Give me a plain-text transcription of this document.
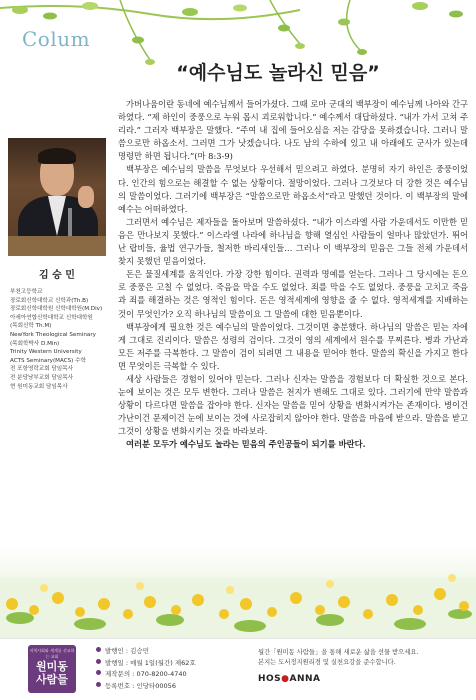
Colum
“예수님도 놀라신 믿음”
김 승 민
부천고등학교
장로회신학대학교 신학과(Th.B)
장로회신학대학원 신학대학원(M.Div)
아세아연합신학대학교 신학대학원
(목회신학 Th.M)
NewYork Theological Seminary
(목회학박사 D.Min)
Trinity Western University
ACTS Seminary(MACS) 수학
전 포항영락교회 담임목사
전 분당남부교회 담임목사
현 원미동교회 담임목사

가버나움이란 동네에 예수님께서 들어가셨다. 그때 로마 군대의 백부장이 예수님께 나아와 간구하였다. “제 하인이 중풍으로 누워 몹시 괴로워합니다.” 예수께서 대답하셨다. “내가 가서 고쳐 주리라.” 그러자 백부장은 말했다. “주여 내 집에 들어오심을 저는 감당을 못하겠습니다. 그러니 말씀으로만 하옵소서. 그러면 그가 낫겠습니다. 나도 남의 수하에 있고 내 아래에도 군사가 있는데 명령만 하면 됩니다.”(마 8:3-9)

백부장은 예수님의 말씀을 무엇보다 우선해서 믿으려고 하였다. 분명히 자기 하인은 중풍이었다. 인간의 힘으로는 해결할 수 없는 상황이다. 절망이었다. 그러나 그것보다 더 강한 것은 예수님의 말씀이었다. 그러기에 백부장은 “말씀으로만 하옵소서”라고 말했던 것이다. 이 백부장의 말에 예수는 어떠하였다.

그러면서 예수님은 제자들을 돌아보며 말씀하셨다. “내가 이스라엘 사람 가운데서도 이만한 믿음은 만나보지 못했다.” 이스라엘 나라에 하나님을 향해 열심인 사람들이 얼마나 많았던가. 뛰어난 랍비들, 율법 연구가들, 철저한 바리새인들… 그러나 이 백부장의 믿음은 그들 전체 가운데서 찾지 못했던 믿음이었다.

돈은 물질세계를 움직인다. 가장 강한 힘이다. 권력과 명예를 얻는다. 그러나 그 당시에는 돈으로 중풍은 고칠 수 없었다. 죽음을 막을 수도 없었다. 죄를 막을 수도 없었다. 중풍을 고치고 죽음과 죄를 해결하는 것은 영적인 힘이다. 돈은 영적세계에 영향을 줄 수 없다. 영적세계를 지배하는 것이 무엇인가? 오직 하나님의 말씀이요 그 말씀에 대한 믿음뿐이다.

백부장에게 필요한 것은 예수님의 말씀이었다. 그것이면 충분했다. 하나님의 말씀은 믿는 자에게 그대로 진리이다. 말씀은 성령의 검이다. 그것이 영의 세계에서 원수를 무찌른다. 병과 가난과 모든 저주를 극복한다. 그 말씀이 검이 되려면 그 내용을 믿어야 한다. 말씀의 확신을 가지고 한다면 무엇이든 극복할 수 있다.

세상 사람들은 경험이 있어야 믿는다. 그러나 신자는 말씀을 경험보다 더 확실한 것으로 본다. 눈에 보이는 것은 모두 변한다. 그러나 말씀은 천지가 변해도 그대로 있다. 그러기에 만약 말씀과 상황이 다르다면 말씀을 잡아야 한다. 신자는 말씀을 믿어 상황을 변화시켜가는 존재이다. 병이건 가난이건 문제이건 눈에 보이는 것에 사로잡히지 않아야 한다. 말씀을 마음에 받으라. 말씀을 받고 그것이 상황을 변화시키는 것을 바라보라.

여러분 모두가 예수님도 놀라는 믿음의 주인공들이 되기를 바란다.

지역사회와 세계를 선교하는 교회
원미동
사람들
발행인 : 김승민
발행일 : 매월 1일(월간) 제62호
제작문의 : 070-8200-4740
등록번호 : 인당타00056
월간「원미동 사람들」을 통해 새로운 삶을 선물 받으세요.
본지는 도서정지원리경 및 실천요강을 준수합니다.
HOS●ANNA
